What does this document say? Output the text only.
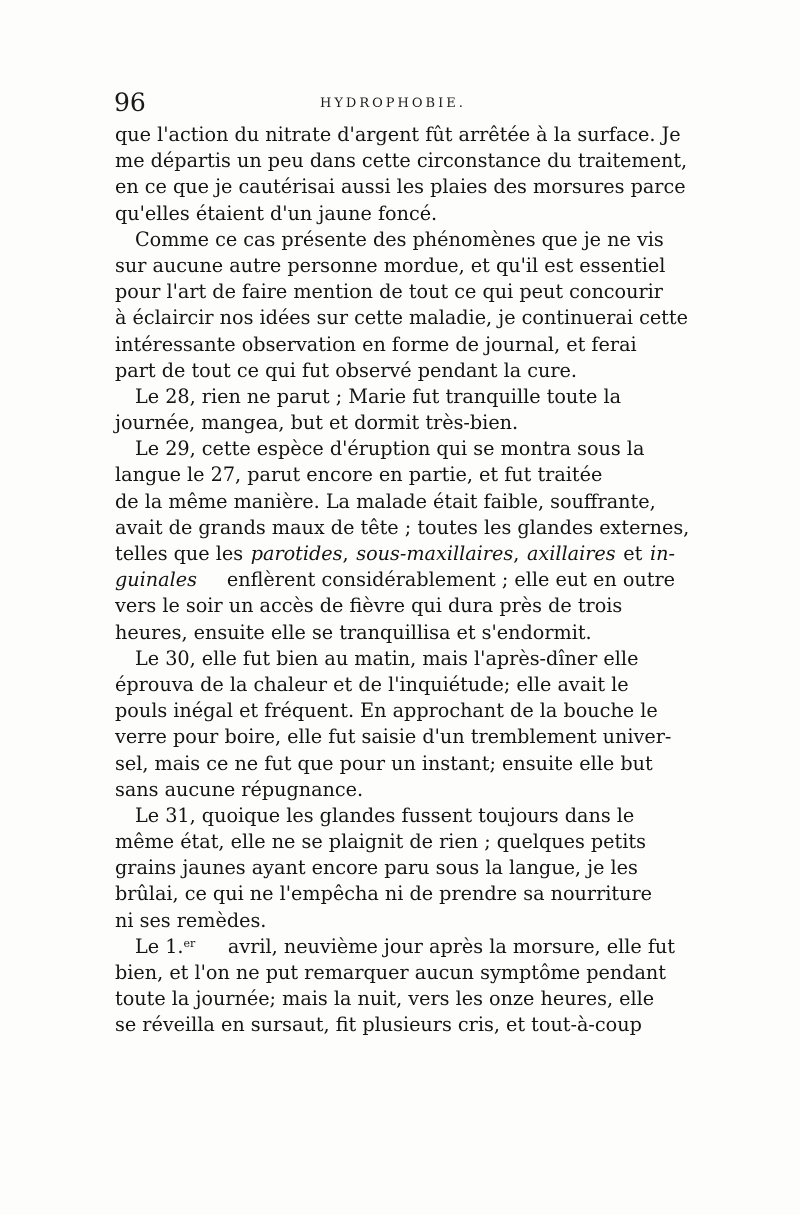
96	HYDROPHOBIE.
que l'action du nitrate d'argent fût arrêtée à la surface. Je
me départis un peu dans cette circonstance du traitement,
en ce que je cautérisai aussi les plaies des morsures parce
qu'elles étaient d'un jaune foncé.
Comme ce cas présente des phénomènes que je ne vis
sur aucune autre personne mordue, et qu'il est essentiel
pour l'art de faire mention de tout ce qui peut concourir
à éclaircir nos idées sur cette maladie, je continuerai cette
intéressante observation en forme de journal, et ferai
part de tout ce qui fut observé pendant la cure.
Le 28, rien ne parut ; Marie fut tranquille toute la
journée, mangea, but et dormit très-bien.
Le 29, cette espèce d'éruption qui se montra sous la
langue le 27, parut encore en partie, et fut traitée
de la même manière. La malade était faible, souffrante,
avait de grands maux de tête ; toutes les glandes externes,
telles que les parotides, sous-maxillaires, axillaires et in-
guinales enflèrent considérablement ; elle eut en outre
vers le soir un accès de fièvre qui dura près de trois
heures, ensuite elle se tranquillisa et s'endormit.
Le 30, elle fut bien au matin, mais l'après-dîner elle
éprouva de la chaleur et de l'inquiétude; elle avait le
pouls inégal et fréquent. En approchant de la bouche le
verre pour boire, elle fut saisie d'un tremblement univer-
sel, mais ce ne fut que pour un instant; ensuite elle but
sans aucune répugnance.
Le 31, quoique les glandes fussent toujours dans le
même état, elle ne se plaignit de rien ; quelques petits
grains jaunes ayant encore paru sous la langue, je les
brûlai, ce qui ne l'empêcha ni de prendre sa nourriture
ni ses remèdes.
Le 1.$^{er}$ avril, neuvième jour après la morsure, elle fut
bien, et l'on ne put remarquer aucun symptôme pendant
toute la journée; mais la nuit, vers les onze heures, elle
se réveilla en sursaut, fit plusieurs cris, et tout-à-coup
